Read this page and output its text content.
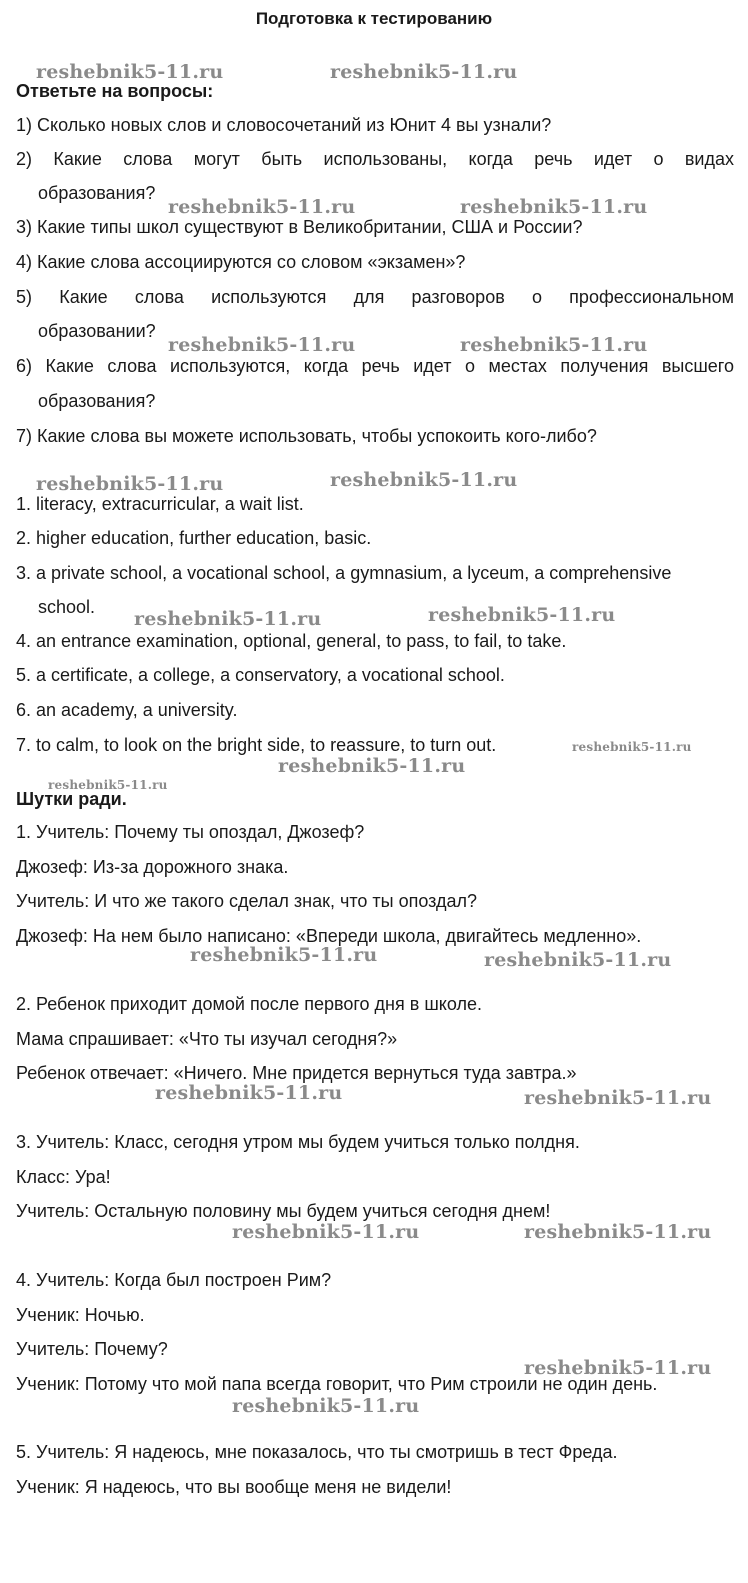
Подготовка к тестированию
Ответьте на вопросы:
1) Сколько новых слов и словосочетаний из Юнит 4 вы узнали?
2) Какие слова могут быть использованы, когда речь идет о видах
образования?
3) Какие типы школ существуют в Великобритании, США и России?
4) Какие слова ассоциируются со словом «экзамен»?
5) Какие слова используются для разговоров о профессиональном
образовании?
6) Какие слова используются, когда речь идет о местах получения высшего
образования?
7) Какие слова вы можете использовать, чтобы успокоить кого-либо?
1. literacy, extracurricular, a wait list.
2. higher education, further education, basic.
3. a private school, a vocational school, a gymnasium, a lyceum, a comprehensive
school.
4. an entrance examination, optional, general, to pass, to fail, to take.
5. a certificate, a college, a conservatory, a vocational school.
6. an academy, a university.
7. to calm, to look on the bright side, to reassure, to turn out.
Шутки ради.
1. Учитель: Почему ты опоздал, Джозеф?
Джозеф: Из-за дорожного знака.
Учитель: И что же такого сделал знак, что ты опоздал?
Джозеф: На нем было написано: «Впереди школа, двигайтесь медленно».
2. Ребенок приходит домой после первого дня в школе.
Мама спрашивает: «Что ты изучал сегодня?»
Ребенок отвечает: «Ничего. Мне придется вернуться туда завтра.»
3. Учитель: Класс, сегодня утром мы будем учиться только полдня.
Класс: Ура!
Учитель: Остальную половину мы будем учиться сегодня днем!
4. Учитель: Когда был построен Рим?
Ученик: Ночью.
Учитель: Почему?
Ученик: Потому что мой папа всегда говорит, что Рим строили не один день.
5. Учитель: Я надеюсь, мне показалось, что ты смотришь в тест Фреда.
Ученик: Я надеюсь, что вы вообще меня не видели!
reshebnik5-11.ru	reshebnik5-11.ru
reshebnik5-11.ru	reshebnik5-11.ru
reshebnik5-11.ru	reshebnik5-11.ru
reshebnik5-11.ru	reshebnik5-11.ru
reshebnik5-11.ru	reshebnik5-11.ru
reshebnik5-11.ru
reshebnik5-11.ru
reshebnik5-11.ru
reshebnik5-11.ru	reshebnik5-11.ru
reshebnik5-11.ru	reshebnik5-11.ru
reshebnik5-11.ru	reshebnik5-11.ru
reshebnik5-11.ru
reshebnik5-11.ru
